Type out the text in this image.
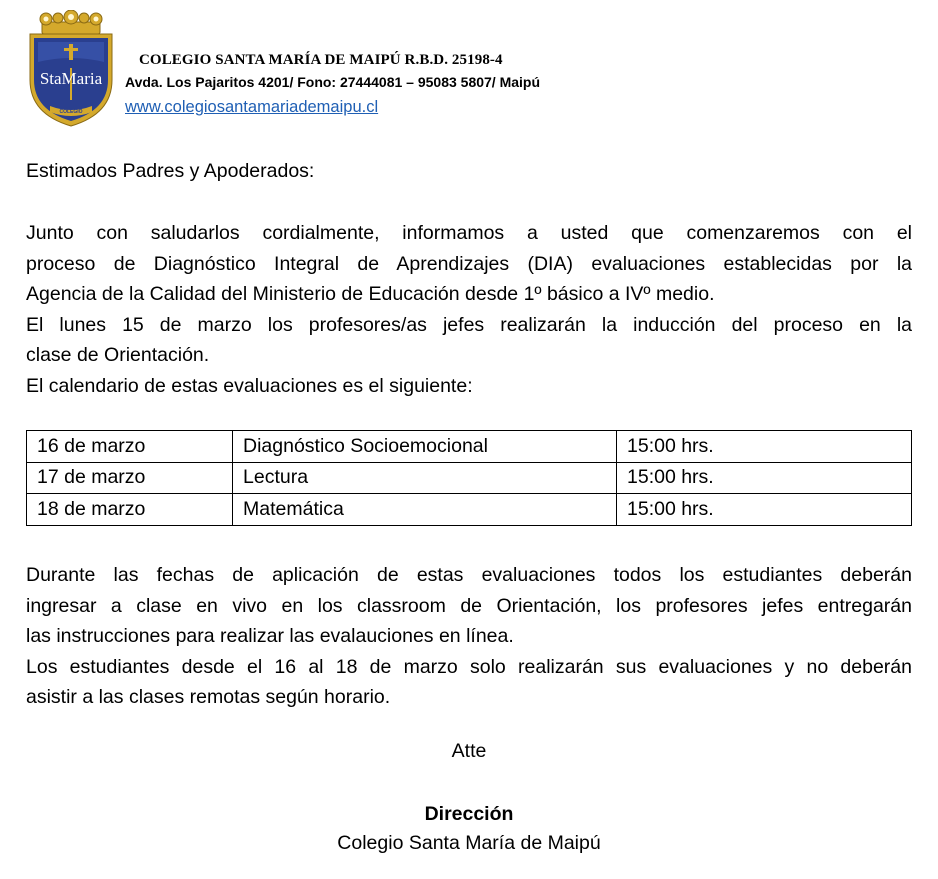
StaMaria
COLEGIO
COLEGIO SANTA MARÍA DE MAIPÚ R.B.D. 25198-4
Avda. Los Pajaritos 4201/ Fono: 27444081 – 95083 5807/ Maipú
www.colegiosantamariademaipu.cl
Estimados Padres y Apoderados:

Junto con saludarlos cordialmente, informamos a usted que comenzaremos con el

proceso de Diagnóstico Integral de Aprendizajes (DIA) evaluaciones establecidas por la

Agencia de la Calidad del Ministerio de Educación desde 1º básico a IVº medio.

El lunes 15 de marzo los profesores/as jefes realizarán la inducción del proceso en la

clase de Orientación.

El calendario de estas evaluaciones es el siguiente:

16 de marzo	Diagnóstico Socioemocional	15:00 hrs.
17 de marzo	Lectura	15:00 hrs.
18 de marzo	Matemática	15:00 hrs.

Durante las fechas de aplicación de estas evaluaciones todos los estudiantes deberán

ingresar a clase en vivo en los classroom de Orientación, los profesores jefes entregarán

las instrucciones para realizar las evalauciones en línea.

Los estudiantes desde el 16 al 18 de marzo solo realizarán sus evaluaciones y no deberán

asistir a las clases remotas según horario.

Atte
Dirección
Colegio Santa María de Maipú
